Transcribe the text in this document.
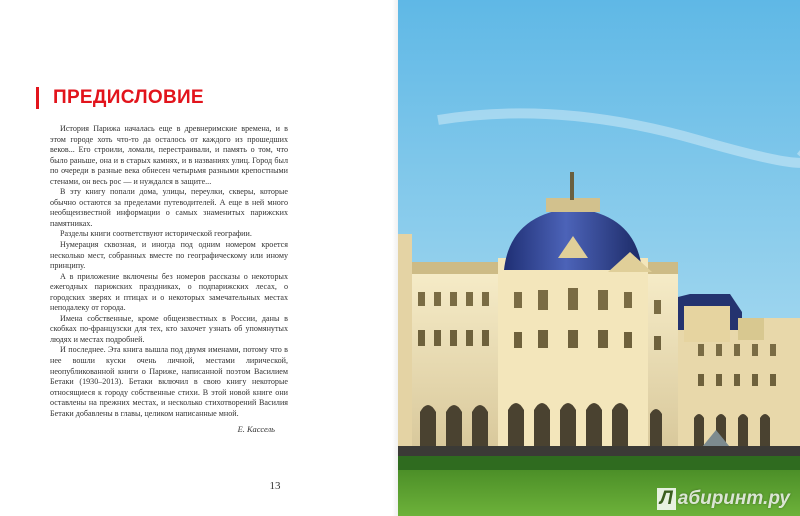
ПРЕДИСЛОВИЕ

История Парижа началась еще в древнеримские времена, и в этом городе хоть что-то да осталось от каждого из прошедших веков... Его строили, ломали, перестраивали, и память о том, что было раньше, она и в старых камнях, и в названиях улиц. Город был по очереди в разные века обнесен четырьмя разными крепостными стенами, он весь рос — и нуждался в защите...

В эту книгу попали дома, улицы, переулки, скверы, которые обычно остаются за пределами путеводителей. А еще в ней много необщеизвестной информации о самых знаменитых парижских памятниках.

Разделы книги соответствуют исторической географии.

Нумерация сквозная, и иногда под одним номером кроется несколько мест, собранных вместе по географическому или иному принципу.

А в приложение включены без номеров рассказы о некоторых ежегодных парижских праздниках, о подпарижских лесах, о городских зверях и птицах и о некоторых замечательных местах неподалеку от города.

Имена собственные, кроме общеизвестных в России, даны в скобках по-французски для тех, кто захочет узнать об упомянутых людях и местах подробней.

И последнее. Эта книга вышла под двумя именами, потому что в нее вошли куски очень личной, местами лирической, неопубликованной книги о Париже, написанной поэтом Василием Бетаки (1930–2013). Бетаки включил в свою книгу некоторые относящиеся к городу собственные стихи. В этой новой книге они оставлены на прежних местах, и несколько стихотворений Василия Бетаки добавлены в главы, целиком написанные мной.

Е. Кассель
13
Л абиринт.ру
